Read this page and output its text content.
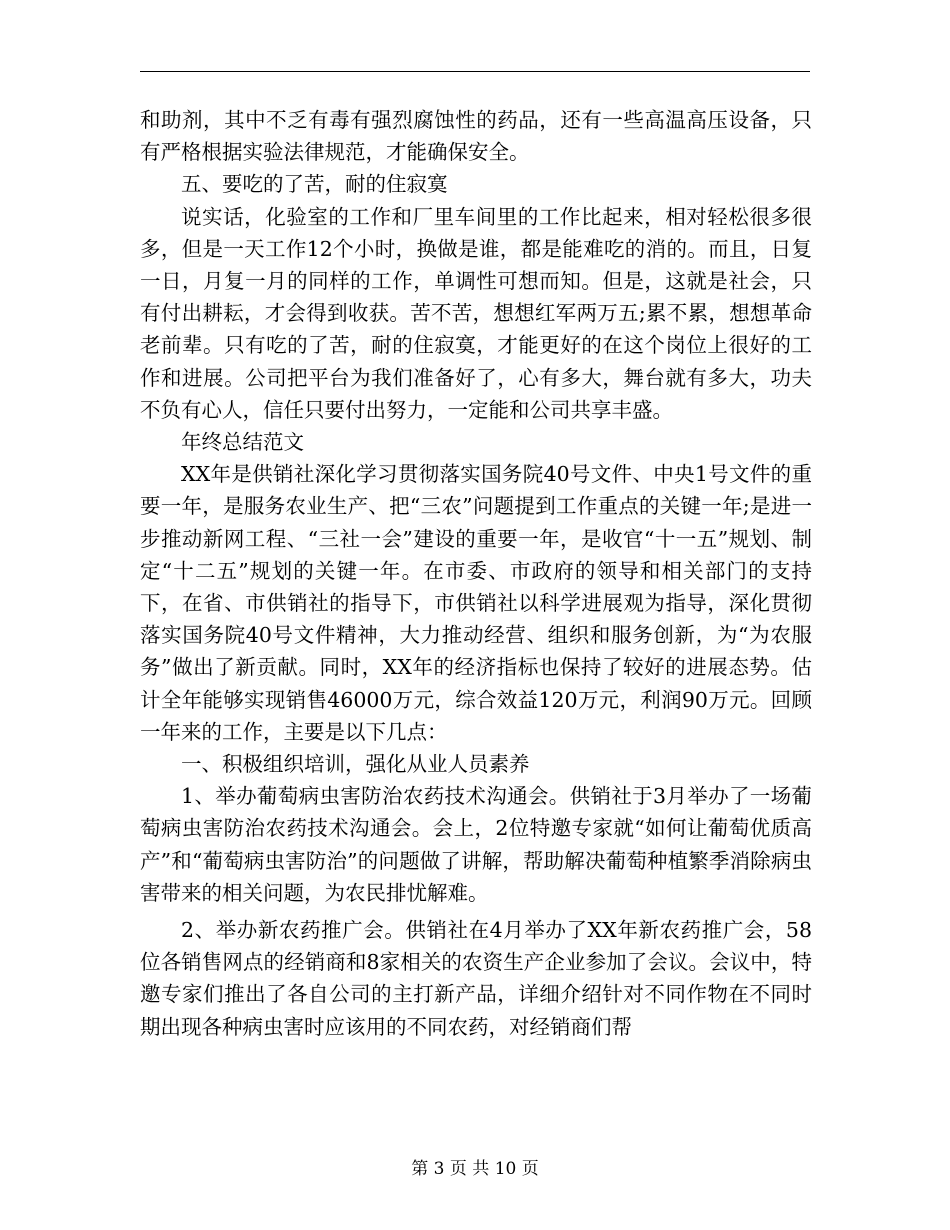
和助剂，其中不乏有毒有强烈腐蚀性的药品，还有一些高温高压设备，只有严格根据实验法律规范，才能确保安全。

五、要吃的了苦，耐的住寂寞

说实话，化验室的工作和厂里车间里的工作比起来，相对轻松很多很多，但是一天工作12个小时，换做是谁，都是能难吃的消的。而且，日复一日，月复一月的同样的工作，单调性可想而知。但是，这就是社会，只有付出耕耘，才会得到收获。苦不苦，想想红军两万五;累不累，想想革命老前辈。只有吃的了苦，耐的住寂寞，才能更好的在这个岗位上很好的工作和进展。公司把平台为我们准备好了，心有多大，舞台就有多大，功夫不负有心人，信任只要付出努力，一定能和公司共享丰盛。

年终总结范文

XX年是供销社深化学习贯彻落实国务院40号文件、中央1号文件的重要一年，是服务农业生产、把“三农”问题提到工作重点的关键一年;是进一步推动新网工程、“三社一会”建设的重要一年，是收官“十一五”规划、制定“十二五”规划的关键一年。在市委、市政府的领导和相关部门的支持下，在省、市供销社的指导下，市供销社以科学进展观为指导，深化贯彻落实国务院40号文件精神，大力推动经营、组织和服务创新，为“为农服务”做出了新贡献。同时，XX年的经济指标也保持了较好的进展态势。估计全年能够实现销售46000万元，综合效益120万元，利润90万元。回顾一年来的工作，主要是以下几点：

一、积极组织培训，强化从业人员素养

1、举办葡萄病虫害防治农药技术沟通会。供销社于3月举办了一场葡萄病虫害防治农药技术沟通会。会上，2位特邀专家就“如何让葡萄优质高产”和“葡萄病虫害防治”的问题做了讲解，帮助解决葡萄种植繁季消除病虫害带来的相关问题，为农民排忧解难。

2、举办新农药推广会。供销社在4月举办了XX年新农药推广会，58位各销售网点的经销商和8家相关的农资生产企业参加了会议。会议中，特邀专家们推出了各自公司的主打新产品，详细介绍针对不同作物在不同时期出现各种病虫害时应该用的不同农药，对经销商们帮

第 3 页 共 10 页
